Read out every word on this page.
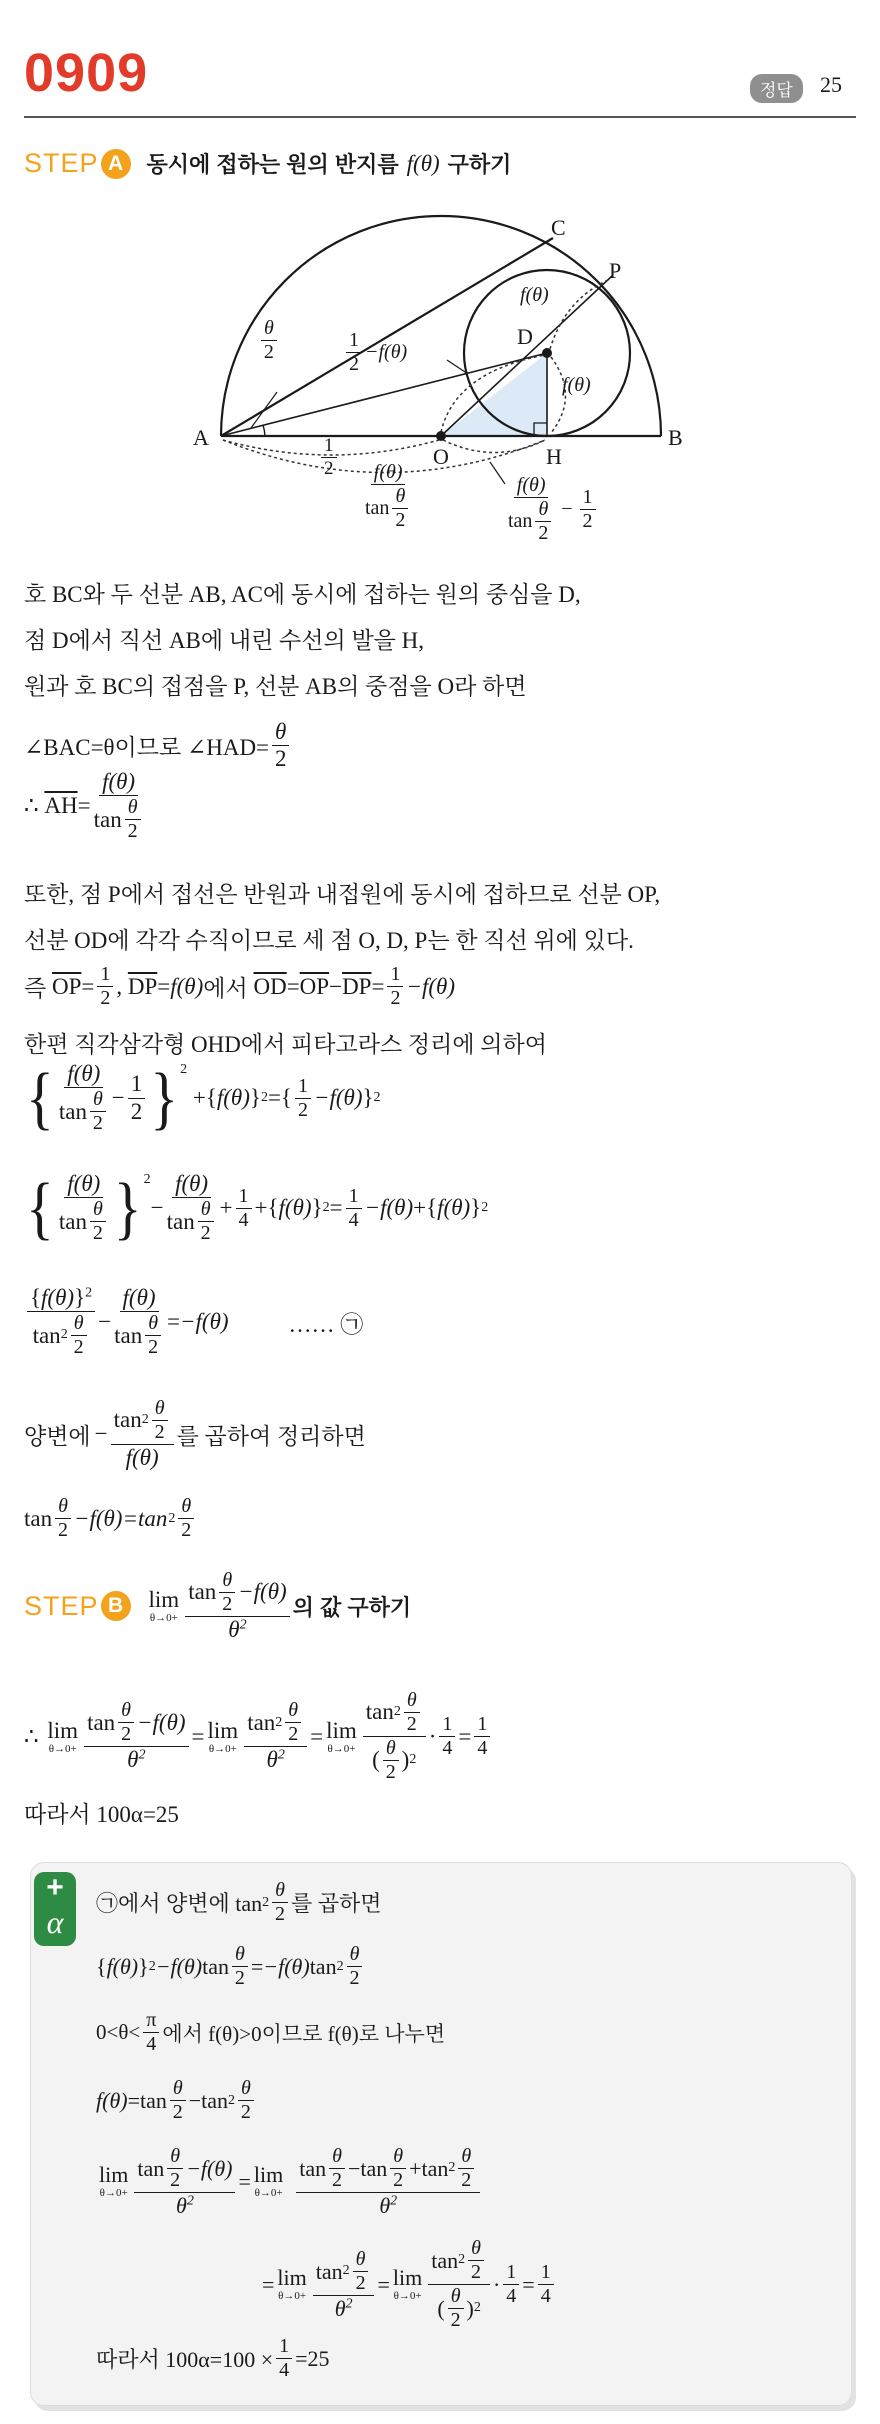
0909	정답	25
STEP A	동시에 접하는 원의 반지름 f(θ) 구하기
A	B
C
P
D
O	H
$\frac{\theta}{2}$	$\frac{1}{2} -f(\theta)$
f(θ)
f(θ)
$\frac{1}{2}$
$\frac{f(\theta)}{\tan \frac{\theta}{2}}$	$\frac{f(\theta)}{\tan \frac{\theta}{2}} - \frac{1}{2}$
호 BC와 두 선분 AB, AC에 동시에 접하는 원의 중심을 D,
점 D에서 직선 AB에 내린 수선의 발을 H,
원과 호 BC의 접점을 P, 선분 AB의 중점을 O라 하면
∠BAC=θ이므로 ∠HAD= $\frac{\theta}{2}$
∴
$\overline{AH} = \frac{f(\theta)}{\tan \frac{\theta}{2}}$
또한, 점 P에서 접선은 반원과 내접원에 동시에 접하므로 선분 OP,
선분 OD에 각각 수직이므로 세 점 O, D, P는 한 직선 위에 있다.
즉
$\overline{OP} = \frac{1}{2}$ , $\overline{DP} = f(\theta)$ 에서
$\overline{OD} = \overline{OP} - \overline{DP} = \frac{1}{2} -f(\theta)$
한편 직각삼각형 OHD에서 피타고라스 정리에 의하여
{ $\frac{f(\theta)}{\tan \frac{\theta}{2}} - \frac{1}{2}$ } 2
+{ f(θ) } 2 ={ $\frac{1}{2} -f(\theta)$ } 2
{ $\frac{f(\theta)}{\tan \frac{\theta}{2}}$ } 2
− $\frac{f(\theta)}{\tan \frac{\theta}{2}} + \frac{1}{4}$ +{ f(θ) } $2 = \frac{1}{4} -f(\theta)$ +{ f(θ) } 2
$\frac{\{f(\theta)\}^2}{\tan 2 \frac{\theta}{2}} - \frac{f(\theta)}{\tan \frac{\theta}{2}} = -f(\theta)$	…… ㉠
양변에 − $\frac{\tan 2 \frac{\theta}{2}}{f(\theta)}$ 를 곱하여 정리하면
$\tan \frac{\theta}{2} -f(\theta)=\tan$ $2 \frac{\theta}{2}$
STEP B	lim
$\theta\to 0+ \frac{\tan \frac{\theta}{2} -f(\theta)}{\theta^2}$ 의 값 구하기
∴ lim
$\theta\to 0+ \frac{\tan \frac{\theta}{2} -f(\theta)}{\theta^2} = \lim$
$\theta\to 0+ \frac{\tan 2 \frac{\theta}{2}}{\theta^2} = \lim$
$\theta\to 0+ \frac{\tan 2 \frac{\theta}{2}}{( \frac{\theta}{2} ) 2} \cdot \frac{1}{4} = \frac{1}{4}$
따라서 100α=25
+
α
㉠에서 양변에 $\tan 2 \frac{\theta}{2}$ 를 곱하면
{ f(θ) } 2 −f(θ) $\tan \frac{\theta}{2} = -f(\theta)$ $\tan 2 \frac{\theta}{2}$
$0<\theta< \frac{\pi}{4}$ 에서 f(θ)>0이므로 f(θ)로 나누면
$f(\theta) =\tan \frac{\theta}{2} -\tan$ $2 \frac{\theta}{2}$
lim
$\theta\to 0+ \frac{\tan \frac{\theta}{2} -f(\theta)}{\theta^2} = \lim$
$\theta\to 0+ \frac{\tan \frac{\theta}{2} -\tan \frac{\theta}{2} +\tan 2 \frac{\theta}{2}}{\theta^2}$
= lim
$\theta\to 0+ \frac{\tan 2 \frac{\theta}{2}}{\theta^2} = \lim$
$\theta\to 0+ \frac{\tan 2 \frac{\theta}{2}}{( \frac{\theta}{2} ) 2} \cdot \frac{1}{4} = \frac{1}{4}$
따라서 $100\alpha=100 \times \frac{1}{4} =25$
